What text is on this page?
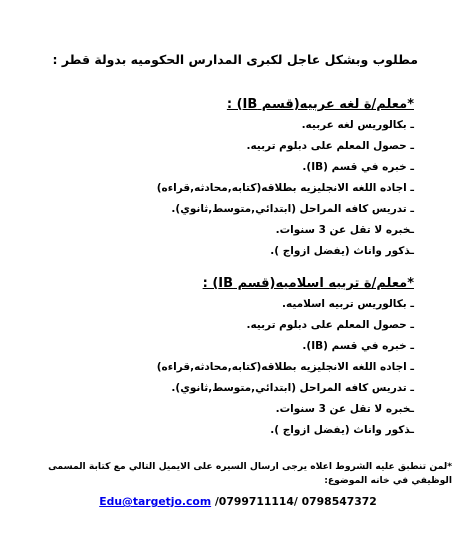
مطلوب وبشكل عاجل لكبرى المدارس الحكوميه بدولة قطر :
*معلم/ة لغه عربيه(قسم IB) :
ـ بكالوريس لغه عربيه.
ـ حصول المعلم على دبلوم تربيه.
ـ خبره في قسم (IB).
ـ اجاده اللغه الانجليزيه بطلاقه(كتابه,محادثه,قراءه)
ـ تدريس كافه المراحل (ابتدائي,متوسط,ثانوي).
ـخبره لا تقل عن 3 سنوات.
ـذكور واناث (يفضل ازواج ).
*معلم/ة تربيه اسلاميه(قسم IB) :
ـ بكالوريس تربيه اسلاميه.
ـ حصول المعلم على دبلوم تربيه.
ـ خبره في قسم (IB).
ـ اجاده اللغه الانجليزيه بطلاقه(كتابه,محادثه,قراءه)
ـ تدريس كافه المراحل (ابتدائي,متوسط,ثانوي).
ـخبره لا تقل عن 3 سنوات.
ـذكور واناث (يفضل ازواج ).
*لمن تنطبق عليه الشروط اعلاه يرجى ارسال السيره على الايميل التالي مع كتابة المسمى الوظيفي في خانه الموضوع:
Edu@targetjo.com /0799711114/ 0798547372
